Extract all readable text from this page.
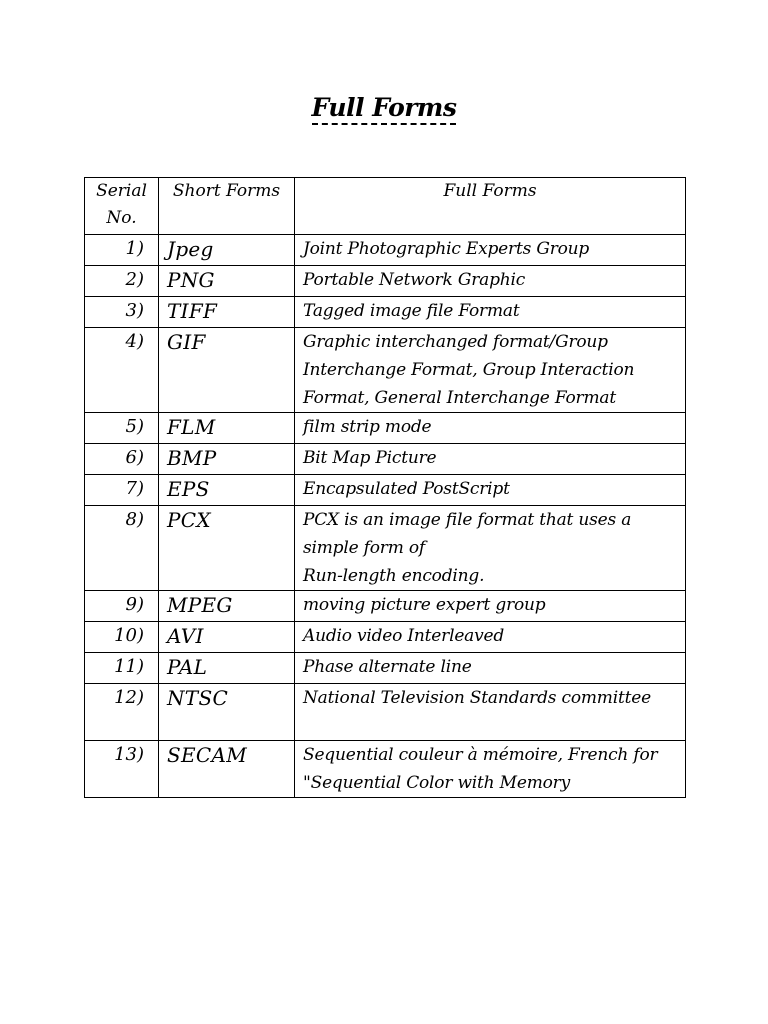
Full Forms
Serial
No.	Short Forms	Full Forms
1)	Jpeg	Joint Photographic Experts Group

2)	PNG	Portable Network Graphic

3)	TIFF	Tagged image file Format

4)	GIF	Graphic interchanged format/Group
Interchange Format, Group Interaction
Format, General Interchange Format

5)	FLM	film strip mode

6)	BMP	Bit Map Picture

7)	EPS	Encapsulated PostScript

8)	PCX	PCX is an image file format that uses a
simple form of
Run-length encoding.

9)	MPEG	moving picture expert group

10)	AVI	Audio video Interleaved

11)	PAL	Phase alternate line

12)	NTSC	National Television Standards committee

13)	SECAM	Sequential couleur à mémoire, French for
"Sequential Color with Memory
